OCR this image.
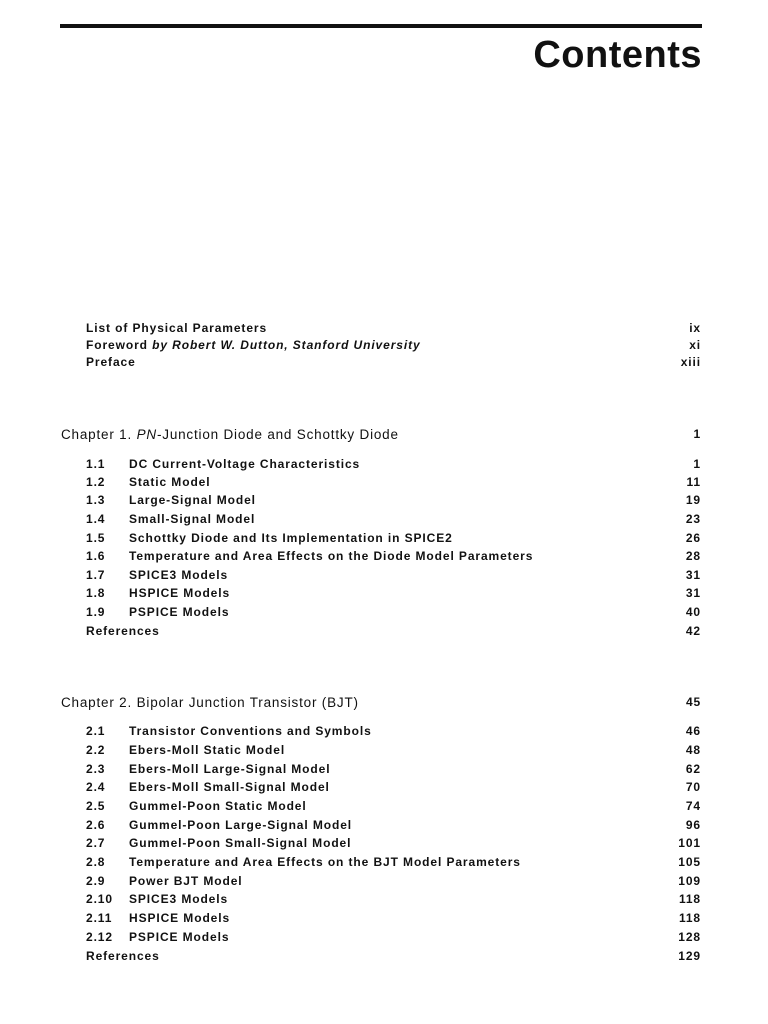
Contents
List of Physical Parameters	ix
Foreword by Robert W. Dutton, Stanford University	xi
Preface	xiii
Chapter 1. PN-Junction Diode and Schottky Diode	1
1.1 DC Current-Voltage Characteristics	1
1.2 Static Model	11
1.3 Large-Signal Model	19
1.4 Small-Signal Model	23
1.5 Schottky Diode and Its Implementation in SPICE2	26
1.6 Temperature and Area Effects on the Diode Model Parameters	28
1.7 SPICE3 Models	31
1.8 HSPICE Models	31
1.9 PSPICE Models	40
References	42
Chapter 2. Bipolar Junction Transistor (BJT)	45
2.1 Transistor Conventions and Symbols	46
2.2 Ebers-Moll Static Model	48
2.3 Ebers-Moll Large-Signal Model	62
2.4 Ebers-Moll Small-Signal Model	70
2.5 Gummel-Poon Static Model	74
2.6 Gummel-Poon Large-Signal Model	96
2.7 Gummel-Poon Small-Signal Model	101
2.8 Temperature and Area Effects on the BJT Model Parameters	105
2.9 Power BJT Model	109
2.10 SPICE3 Models	118
2.11 HSPICE Models	118
2.12 PSPICE Models	128
References	129
